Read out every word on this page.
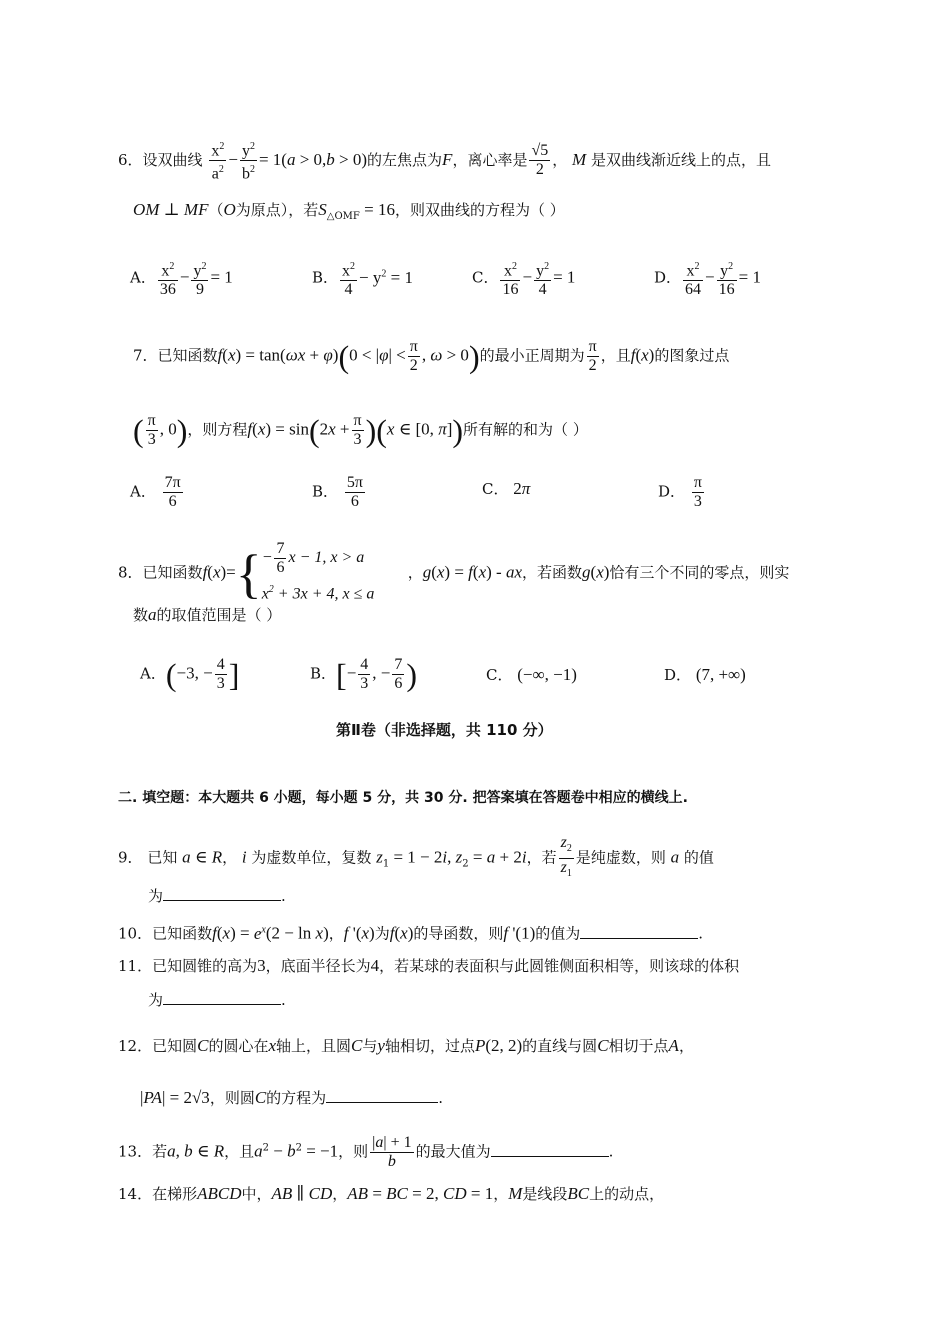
6．设双曲线 $\frac{x^2}{a^2} - \frac{y^2}{b^2} = 1(a > 0,b > 0)$的左焦点为F，离心率是 $\frac{√5}{2}$ ， M 是双曲线渐近线上的点，且
OM ⊥ MF（O为原点），若$S_{\triangle OMF} = 16$，则双曲线的方程为（ ）
A． $\frac{x^2}{36} - \frac{y^2}{9} = 1$	B． $\frac{x^2}{4} - y^2 = 1$	C． $\frac{x^2}{16} - \frac{y^2}{4} = 1$	D． $\frac{x^2}{64} - \frac{y^2}{16} = 1$
7．已知函数$f(x) = \tan(\omega x + \varphi)(0 < |\varphi| < \frac{\pi}{2}$ , ω > 0)的最小正周期为 $\frac{\pi}{2}$ ，且f(x)的图象过点
( $\frac{\pi}{3}$ , 0)，则方程$f(x) = \sin(2x + \frac{\pi}{3} )(x$ ∈ [0, π])所有解的和为（ ）
A． $\frac{7\pi}{6}$	B． $\frac{5\pi}{6}$	C． 2π	D． $\frac{\pi}{3}$
8．已知函数$f(x)=\{ - \frac{7}{6}$ x − 1, x > a
$x^2 + 3x + 4$, x ≤ a
，g(x) = f(x) - ax，若函数g(x)恰有三个不同的零点，则实
数a的取值范围是（ ）
A．(−3, − $\frac{4}{3}$ ]	B．[− $\frac{4}{3}$ , − $\frac{7}{6}$ )	C． (−∞, −1)	D． (7, +∞)
第Ⅱ卷（非选择题，共 110 分）
二. 填空题：本大题共 6 小题，每小题 5 分，共 30 分. 把答案填在答题卷中相应的横线上.
9． 已知 a ∈ R， i 为虚数单位，复数 $z_1 = 1 - 2i$, $z_2 = a + 2i$，若 $\frac{z_2}{z_1}$ 是纯虚数，则 a 的值
为	.
10．已知函数$f(x) = e^x(2 - \ln x)$，f '(x)为f(x)的导函数，则f '(1)的值为	.
11．已知圆锥的高为3，底面半径长为4，若某球的表面积与此圆锥侧面积相等，则该球的体积
为	.
12．已知圆C的圆心在x轴上，且圆C与y轴相切，过点P(2, 2)的直线与圆C相切于点A，
|PA| = 2√3，则圆C的方程为	.
13．若a, b ∈ R，且$a^2 - b^2 = -1$，则 $\frac{|a| + 1}{b}$ 的最大值为	.
14．在梯形ABCD中，AB ∥ CD，AB = BC = 2, CD = 1，M是线段BC上的动点，
